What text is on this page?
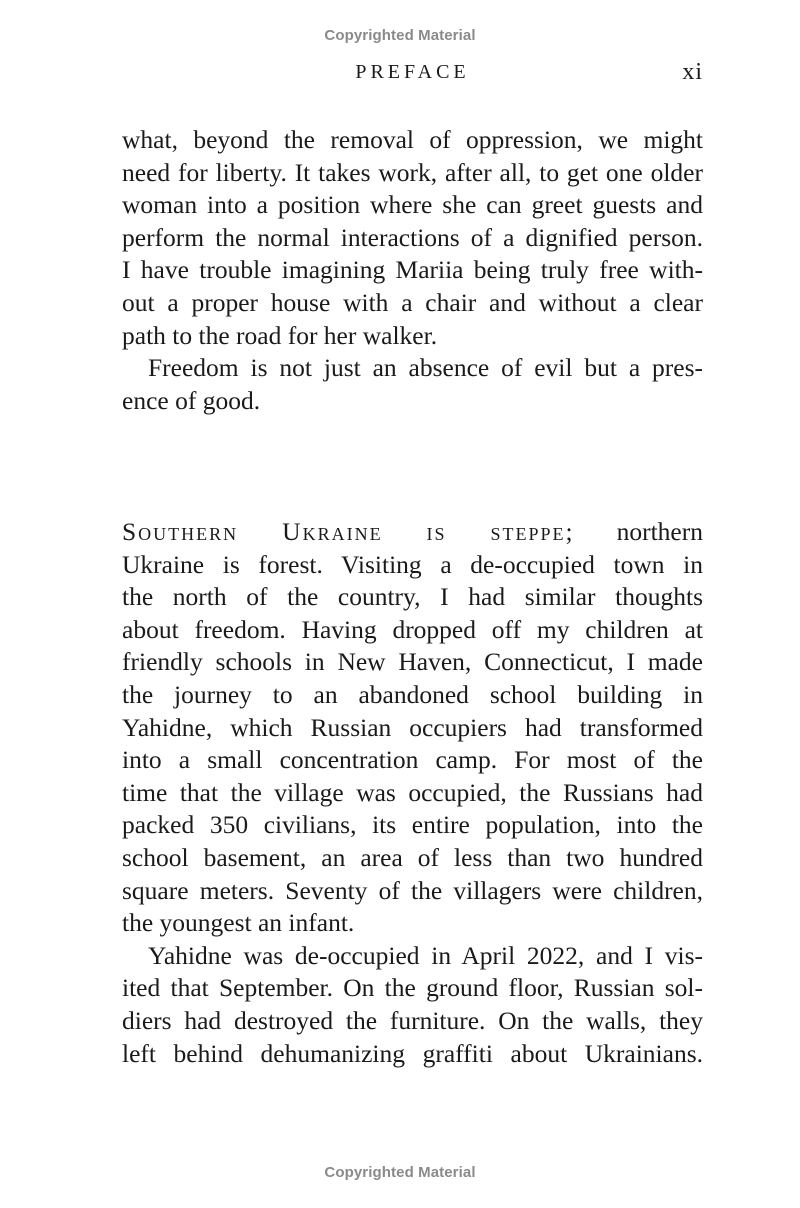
Copyrighted Material
PREFACE	xi

what, beyond the removal of oppression, we might
need for liberty. It takes work, after all, to get one older
woman into a position where she can greet guests and
perform the normal interactions of a dignified person.
I have trouble imagining Mariia being truly free with-
out a proper house with a chair and without a clear
path to the road for her walker.

Freedom is not just an absence of evil but a pres-
ence of good.

Southern Ukraine is steppe; northern
Ukraine is forest. Visiting a de-occupied town in
the north of the country, I had similar thoughts
about freedom. Having dropped off my children at
friendly schools in New Haven, Connecticut, I made
the journey to an abandoned school building in
Yahidne, which Russian occupiers had transformed
into a small concentration camp. For most of the
time that the village was occupied, the Russians had
packed 350 civilians, its entire population, into the
school basement, an area of less than two hundred
square meters. Seventy of the villagers were children,
the youngest an infant.

Yahidne was de-occupied in April 2022, and I vis-
ited that September. On the ground floor, Russian sol-
diers had destroyed the furniture. On the walls, they
left behind dehumanizing graffiti about Ukrainians.

Copyrighted Material
